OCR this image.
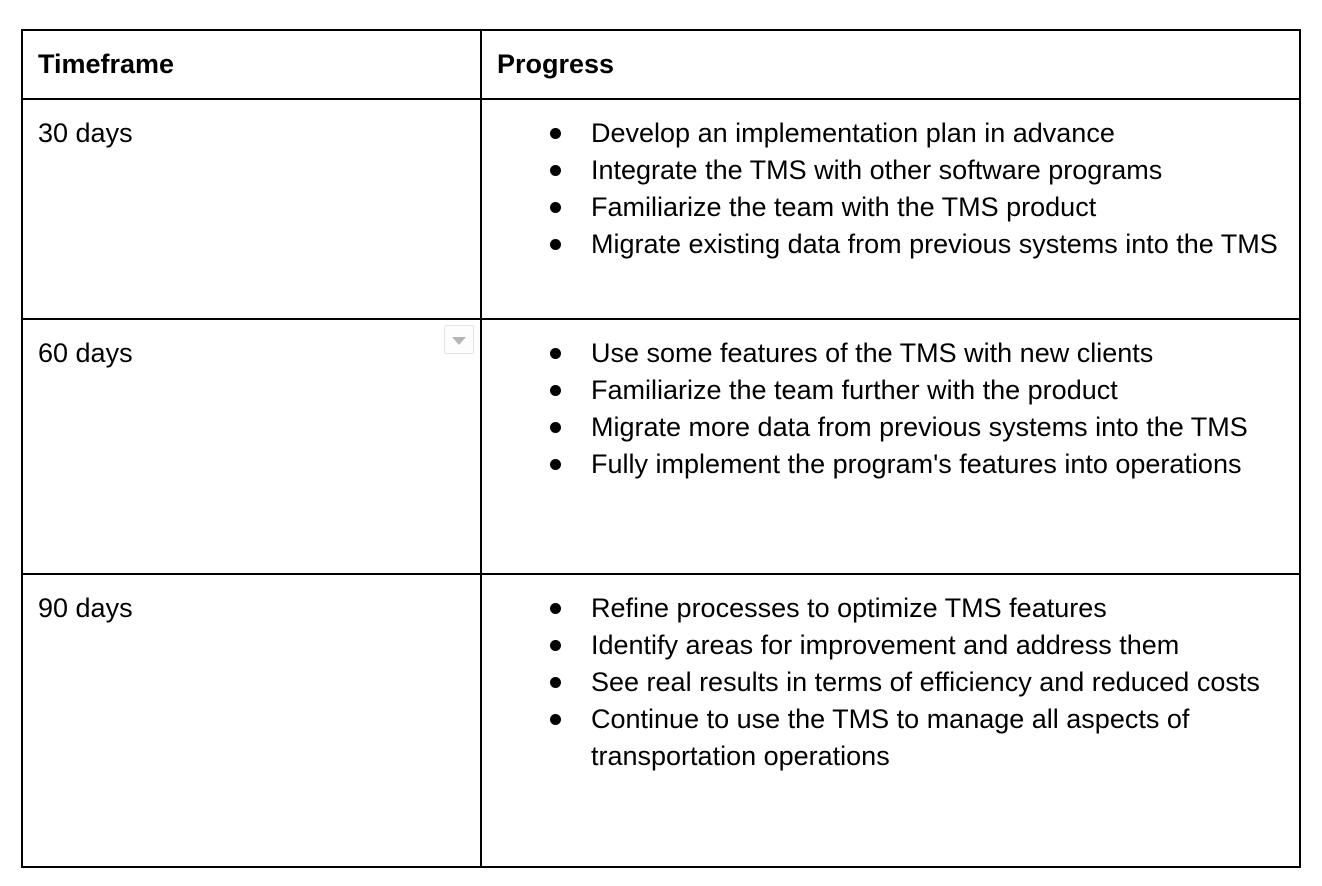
Timeframe	Progress
30 days	Develop an implementation plan in advance
Integrate the TMS with other software programs
Familiarize the team with the TMS product
Migrate existing data from previous systems into the TMS

60 days	Use some features of the TMS with new clients
Familiarize the team further with the product
Migrate more data from previous systems into the TMS
Fully implement the program's features into operations

90 days	Refine processes to optimize TMS features
Identify areas for improvement and address them
See real results in terms of efficiency and reduced costs
Continue to use the TMS to manage all aspects of transportation operations
